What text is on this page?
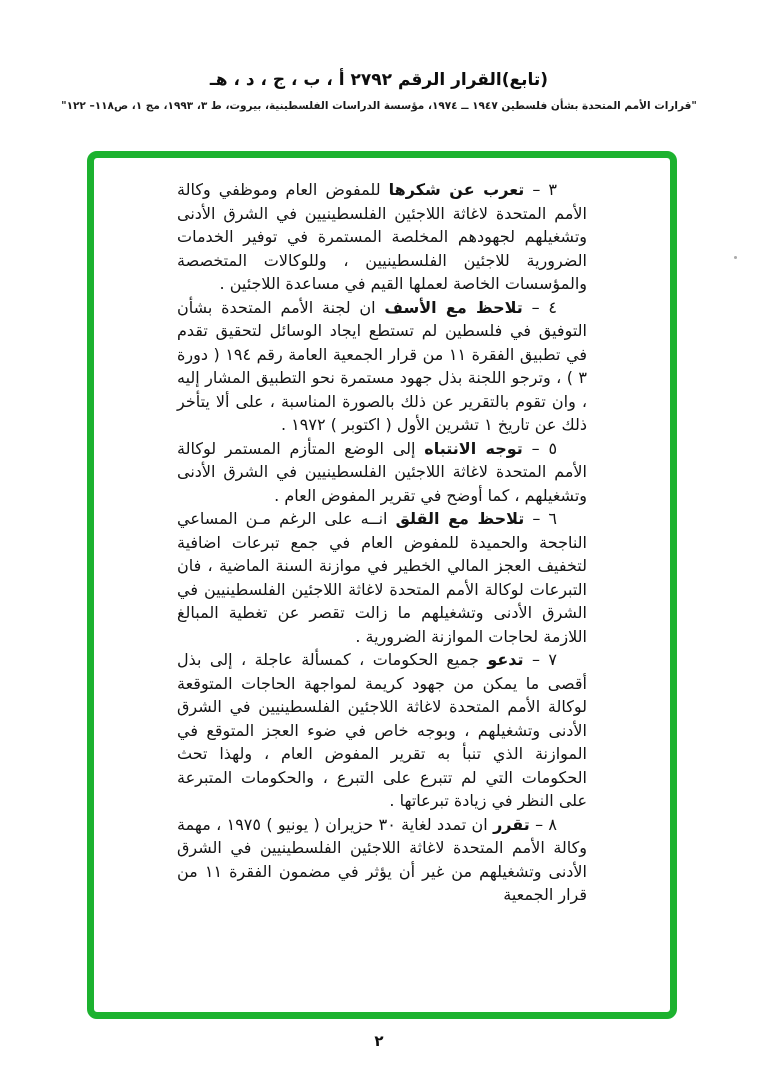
(تابع)القرار الرقم ٢٧٩٢ أ ، ب ، ج ، د ، هـ
"قرارات الأمم المتحدة بشأن فلسطين ١٩٤٧ ــ ١٩٧٤، مؤسسة الدراسات الفلسطينية، بيروت، ط ٣، ١٩٩٣، مج ١، ص١١٨– ١٢٢"
٣ – تعرب عن شكرها للمفوض العام وموظفي وكالة الأمم المتحدة لاغاثة اللاجئين الفلسطينيين في الشرق الأدنى وتشغيلهم لجهودهم المخلصة المستمرة في توفير الخدمات الضرورية للاجئين الفلسطينيين ، وللوكالات المتخصصة والمؤسسات الخاصة لعملها القيم في مساعدة اللاجئين .
٤ – تلاحظ مع الأسف ان لجنة الأمم المتحدة بشأن التوفيق في فلسطين لم تستطع ايجاد الوسائل لتحقيق تقدم في تطبيق الفقرة ١١ من قرار الجمعية العامة رقم ١٩٤ ( دورة ٣ ) ، وترجو اللجنة بذل جهود مستمرة نحو التطبيق المشار إليه ، وان تقوم بالتقرير عن ذلك بالصورة المناسبة ، على ألا يتأخر ذلك عن تاريخ ١ تشرين الأول ( اكتوبر ) ١٩٧٢ .
٥ – توجه الانتباه إلى الوضع المتأزم المستمر لوكالة الأمم المتحدة لاغاثة اللاجئين الفلسطينيين في الشرق الأدنى وتشغيلهم ، كما أوضح في تقرير المفوض العام .
٦ – تلاحظ مع القلق انــه على الرغم مـن المساعي الناجحة والحميدة للمفوض العام في جمع تبرعات اضافية لتخفيف العجز المالي الخطير في موازنة السنة الماضية ، فان التبرعات لوكالة الأمم المتحدة لاغاثة اللاجئين الفلسطينيين في الشرق الأدنى وتشغيلهم ما زالت تقصر عن تغطية المبالغ اللازمة لحاجات الموازنة الضرورية .
٧ – تدعو جميع الحكومات ، كمسألة عاجلة ، إلى بذل أقصى ما يمكن من جهود كريمة لمواجهة الحاجات المتوقعة لوكالة الأمم المتحدة لاغاثة اللاجئين الفلسطينيين في الشرق الأدنى وتشغيلهم ، وبوجه خاص في ضوء العجز المتوقع في الموازنة الذي تنبأ به تقرير المفوض العام ، ولهذا تحث الحكومات التي لم تتبرع على التبرع ، والحكومات المتبرعة على النظر في زيادة تبرعاتها .
٨ – تقرر ان تمدد لغاية ٣٠ حزيران ( يونيو ) ١٩٧٥ ، مهمة وكالة الأمم المتحدة لاغاثة اللاجئين الفلسطينيين في الشرق الأدنى وتشغيلهم من غير أن يؤثر في مضمون الفقرة ١١ من قرار الجمعية
٢
